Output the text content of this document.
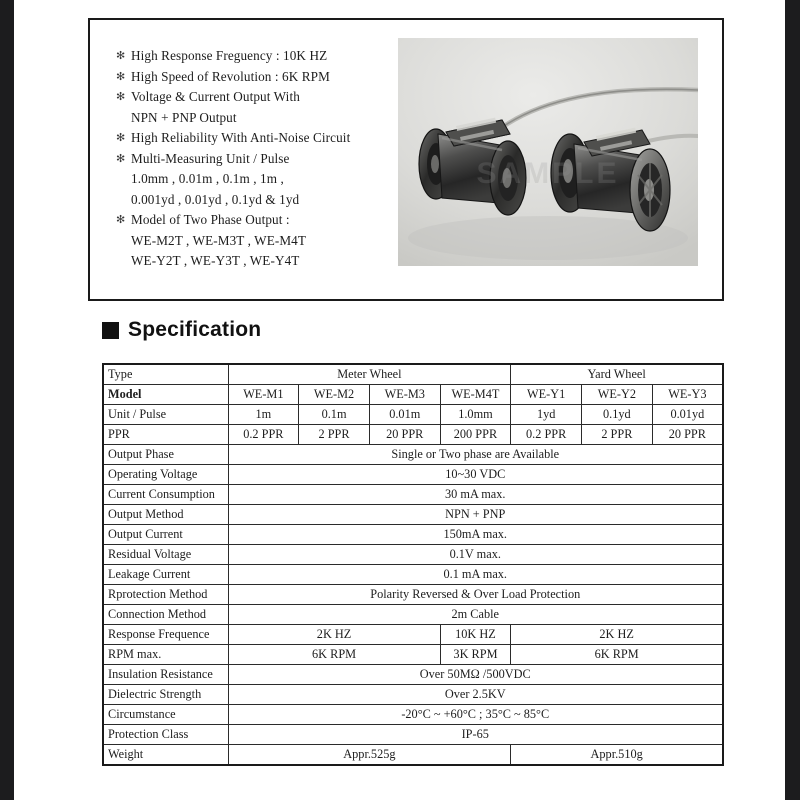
✻ High Response Freguency : 10K HZ
✻ High Speed of Revolution : 6K RPM
✻ Voltage & Current Output With
NPN + PNP Output
✻ High Reliability With Anti-Noise Circuit
✻ Multi-Measuring Unit / Pulse
1.0mm , 0.01m , 0.1m , 1m ,
0.001yd , 0.01yd , 0.1yd & 1yd
✻ Model of Two Phase Output :
WE-M2T , WE-M3T , WE-M4T
WE-Y2T , WE-Y3T , WE-Y4T
SAMPLE
Specification
Type	Meter Wheel				Yard Wheel		
Model	WE-M1	WE-M2	WE-M3	WE-M4T	WE-Y1	WE-Y2	WE-Y3
Unit / Pulse	1m	0.1m	0.01m	1.0mm	1yd	0.1yd	0.01yd
PPR	0.2 PPR	2 PPR	20 PPR	200 PPR	0.2 PPR	2 PPR	20 PPR
Output Phase	Single or Two phase are Available						
Operating Voltage	10~30 VDC						
Current Consumption	30 mA max.						
Output Method	NPN + PNP						
Output Current	150mA max.						
Residual Voltage	0.1V max.						
Leakage Current	0.1 mA max.						
Rprotection Method	Polarity Reversed & Over Load Protection						
Connection Method	2m Cable						
Response Frequence	2K HZ			10K HZ	2K HZ		
RPM max.	6K RPM			3K RPM	6K RPM		
Insulation Resistance	Over 50MΩ /500VDC						
Dielectric Strength	Over 2.5KV						
Circumstance	-20°C ~ +60°C ; 35°C ~ 85°C						
Protection Class	IP-65						
Weight	Appr.525g				Appr.510g		
